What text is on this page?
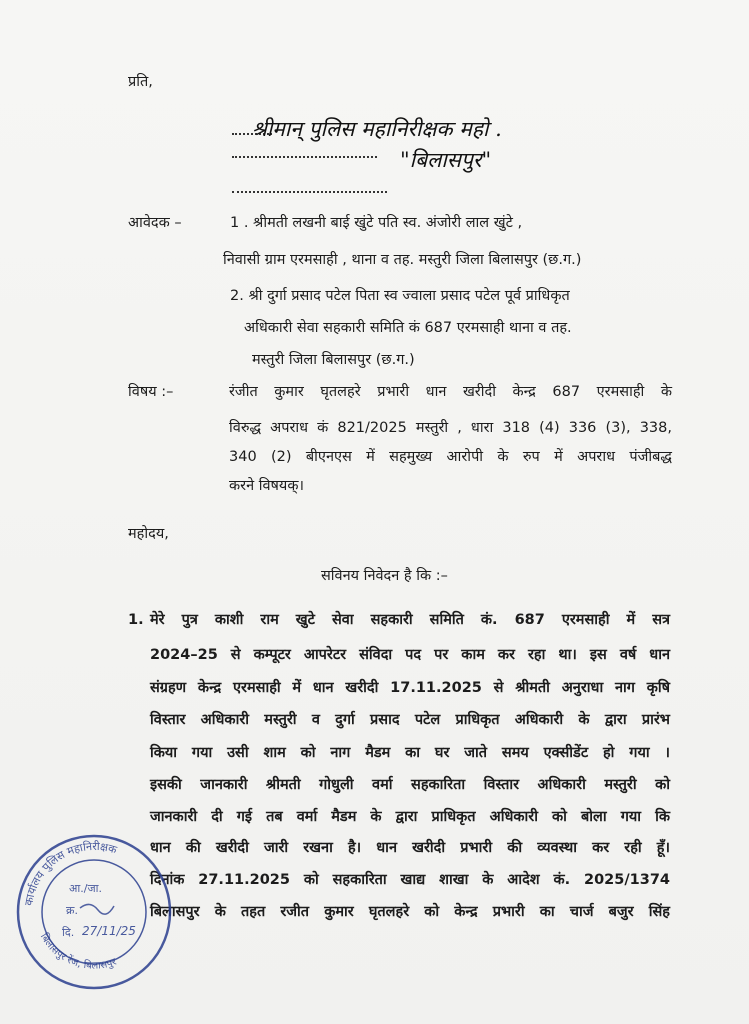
प्रति,
श्रीमान् पुलिस महानिरीक्षक महो .
"बिलासपुर"
आवेदक –	1 . श्रीमती लखनी बाई खुंटे पति स्व. अंजोरी लाल खुंटे ,
निवासी ग्राम एरमसाही , थाना व तह. मस्तुरी जिला बिलासपुर (छ.ग.)
2. श्री दुर्गा प्रसाद पटेल पिता स्व ज्वाला प्रसाद पटेल पूर्व प्राधिकृत
अधिकारी सेवा सहकारी समिति कं 687 एरमसाही थाना व तह.
मस्तुरी जिला बिलासपुर (छ.ग.)
विषय :–	रंजीत कुमार घृतलहरे प्रभारी धान खरीदी केन्द्र 687 एरमसाही के
विरुद्ध अपराध कं 821/2025 मस्तुरी , धारा 318 (4) 336 (3), 338,
340 (2) बीएनएस में सहमुख्य आरोपी के रुप में अपराध पंजीबद्ध
करने विषयक्।
महोदय,
सविनय निवेदन है कि :–
1. मेरे पुत्र काशी राम खुटे सेवा सहकारी समिति कं. 687 एरमसाही में सत्र
2024–25 से कम्पूटर आपरेटर संविदा पद पर काम कर रहा था। इस वर्ष धान
संग्रहण केन्द्र एरमसाही में धान खरीदी 17.11.2025 से श्रीमती अनुराधा नाग कृषि
विस्तार अधिकारी मस्तुरी व दुर्गा प्रसाद पटेल प्राधिकृत अधिकारी के द्वारा प्रारंभ
किया गया उसी शाम को नाग मैडम का घर जाते समय एक्सीडेंट हो गया ।
इसकी जानकारी श्रीमती गोधुली वर्मा सहकारिता विस्तार अधिकारी मस्तुरी को
जानकारी दी गई तब वर्मा मैडम के द्वारा प्राधिकृत अधिकारी को बोला गया कि
धान की खरीदी जारी रखना है। धान खरीदी प्रभारी की व्यवस्था कर रही हूँ।
दिनांक 27.11.2025 को सहकारिता खाद्य शाखा के आदेश कं. 2025/1374
बिलासपुर के तहत रजीत कुमार घृतलहरे को केन्द्र प्रभारी का चार्ज बजुर सिंह
कार्यालय पुलिस महानिरीक्षक
बिलासपुर रेंज, बिलासपुर
आ./जा.
क्र.
दि. 27/11/25
